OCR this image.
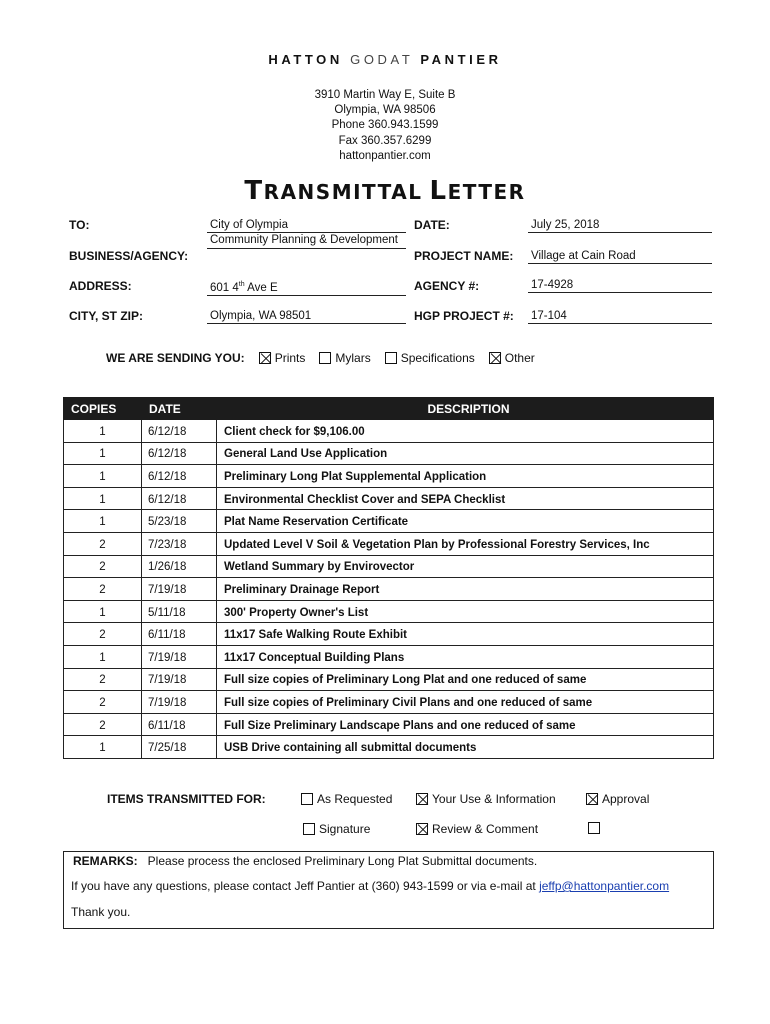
HATTON GODAT PANTIER
3910 Martin Way E, Suite B
Olympia, WA 98506
Phone 360.943.1599
Fax 360.357.6299
hattonpantier.com
TRANSMITTAL LETTER
TO:	City of Olympia
BUSINESS/AGENCY:
Community Planning & Development
ADDRESS:	601 4th Ave E
CITY, ST ZIP:	Olympia, WA 98501
DATE:	July 25, 2018
PROJECT NAME: Village at Cain Road
AGENCY #:	17-4928
HGP PROJECT #: 17-104
WE ARE SENDING YOU:	Prints	Mylars	Specifications	Other
COPIES	DATE	DESCRIPTION
1	6/12/18	Client check for $9,106.00
1	6/12/18	General Land Use Application
1	6/12/18	Preliminary Long Plat Supplemental Application
1	6/12/18	Environmental Checklist Cover and SEPA Checklist
1	5/23/18	Plat Name Reservation Certificate
2	7/23/18	Updated Level V Soil & Vegetation Plan by Professional Forestry Services, Inc
2	1/26/18	Wetland Summary by Envirovector
2	7/19/18	Preliminary Drainage Report
1	5/11/18	300' Property Owner's List
2	6/11/18	11x17 Safe Walking Route Exhibit
1	7/19/18	11x17 Conceptual Building Plans
2	7/19/18	Full size copies of Preliminary Long Plat and one reduced of same
2	7/19/18	Full size copies of Preliminary Civil Plans and one reduced of same
2	6/11/18	Full Size Preliminary Landscape Plans and one reduced of same
1	7/25/18	USB Drive containing all submittal documents
ITEMS TRANSMITTED FOR:	As Requested	Your Use & Information	Approval
Signature	Review & Comment
REMARKS: Please process the enclosed Preliminary Long Plat Submittal documents.
If you have any questions, please contact Jeff Pantier at (360) 943-1599 or via e-mail at jeffp@hattonpantier.com
Thank you.
